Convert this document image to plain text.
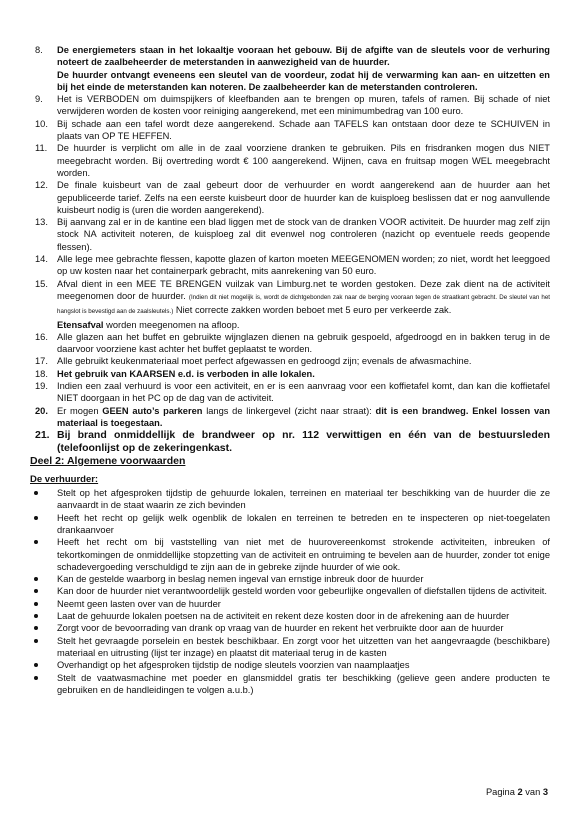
8. De energiemeters staan in het lokaaltje vooraan het gebouw. Bij de afgifte van de sleutels voor de verhuring noteert de zaalbeheerder de meterstanden in aanwezigheid van de huurder.
De huurder ontvangt eveneens een sleutel van de voordeur, zodat hij de verwarming kan aan- en uitzetten en bij het einde de meterstanden kan noteren. De zaalbeheerder kan de meterstanden controleren.
9. Het is VERBODEN om duimspijkers of kleefbanden aan te brengen op muren, tafels of ramen. Bij schade of niet verwijderen worden de kosten voor reiniging aangerekend, met een minimumbedrag van 100 euro.
10. Bij schade aan een tafel wordt deze aangerekend. Schade aan TAFELS kan ontstaan door deze te SCHUIVEN in plaats van OP TE HEFFEN.
11. De huurder is verplicht om alle in de zaal voorziene dranken te gebruiken. Pils en frisdranken mogen dus NIET meegebracht worden. Bij overtreding wordt € 100 aangerekend. Wijnen, cava en fruitsap mogen WEL meegebracht worden.
12. De finale kuisbeurt van de zaal gebeurt door de verhuurder en wordt aangerekend aan de huurder aan het gepubliceerde tarief. Zelfs na een eerste kuisbeurt door de huurder kan de kuisploeg beslissen dat er nog aanvullende kuisbeurt nodig is (uren die worden aangerekend).
13. Bij aanvang zal er in de kantine een blad liggen met de stock van de dranken VOOR activiteit. De huurder mag zelf zijn stock NA activiteit noteren, de kuisploeg zal dit evenwel nog controleren (nazicht op eventuele reeds geopende flessen).
14. Alle lege mee gebrachte flessen, kapotte glazen of karton moeten MEEGENOMEN worden; zo niet, wordt het leeggoed op uw kosten naar het containerpark gebracht, mits aanrekening van 50 euro.
15. Afval dient in een MEE TE BRENGEN vuilzak van Limburg.net te worden gestoken. Deze zak dient na de activiteit meegenomen door de huurder. (Indien dit niet mogelijk is, wordt de dichtgebonden zak naar de berging vooraan tegen de straatkant gebracht. De sleutel van het hangslot is bevestigd aan de zaalsleutels.) Niet correcte zakken worden beboet met 5 euro per verkeerde zak.
Etensafval worden meegenomen na afloop.
16. Alle glazen aan het buffet en gebruikte wijnglazen dienen na gebruik gespoeld, afgedroogd en in bakken terug in de daarvoor voorziene kast achter het buffet geplaatst te worden.
17. Alle gebruikt keukenmateriaal moet perfect afgewassen en gedroogd zijn; evenals de afwasmachine.
18. Het gebruik van KAARSEN e.d. is verboden in alle lokalen.
19. Indien een zaal verhuurd is voor een activiteit, en er is een aanvraag voor een koffietafel komt, dan kan die koffietafel NIET doorgaan in het PC op de dag van de activiteit.
20. Er mogen GEEN auto’s parkeren langs de linkergevel (zicht naar straat): dit is een brandweg. Enkel lossen van materiaal is toegestaan.
21. Bij brand onmiddellijk de brandweer op nr. 112 verwittigen en één van de bestuursleden (telefoonlijst op de zekeringenkast.
Deel 2: Algemene voorwaarden
De verhuurder:
Stelt op het afgesproken tijdstip de gehuurde lokalen, terreinen en materiaal ter beschikking van de huurder die ze aanvaardt in de staat waarin ze zich bevinden
Heeft het recht op gelijk welk ogenblik de lokalen en terreinen te betreden en te inspecteren op niet-toegelaten drankaanvoer
Heeft het recht om bij vaststelling van niet met de huurovereenkomst strokende activiteiten, inbreuken of tekortkomingen de onmiddellijke stopzetting van de activiteit en ontruiming te bevelen aan de huurder, zonder tot enige schadevergoeding verschuldigd te zijn aan de in gebreke zijnde huurder of wie ook.
Kan de gestelde waarborg in beslag nemen ingeval van ernstige inbreuk door de huurder
Kan door de huurder niet verantwoordelijk gesteld worden voor gebeurlijke ongevallen of diefstallen tijdens de activiteit.
Neemt geen lasten over van de huurder
Laat de gehuurde lokalen poetsen na de activiteit en rekent deze kosten door in de afrekening aan de huurder
Zorgt voor de bevoorrading van drank op vraag van de huurder en rekent het verbruikte door aan de huurder
Stelt het gevraagde porselein en bestek beschikbaar. En zorgt voor het uitzetten van het aangevraagde (beschikbare) materiaal en uitrusting (lijst ter inzage) en plaatst dit materiaal terug in de kasten
Overhandigt op het afgesproken tijdstip de nodige sleutels voorzien van naamplaatjes
Stelt de vaatwasmachine met poeder en glansmiddel gratis ter beschikking (gelieve geen andere producten te gebruiken en de handleidingen te volgen a.u.b.)
Pagina 2 van 3
